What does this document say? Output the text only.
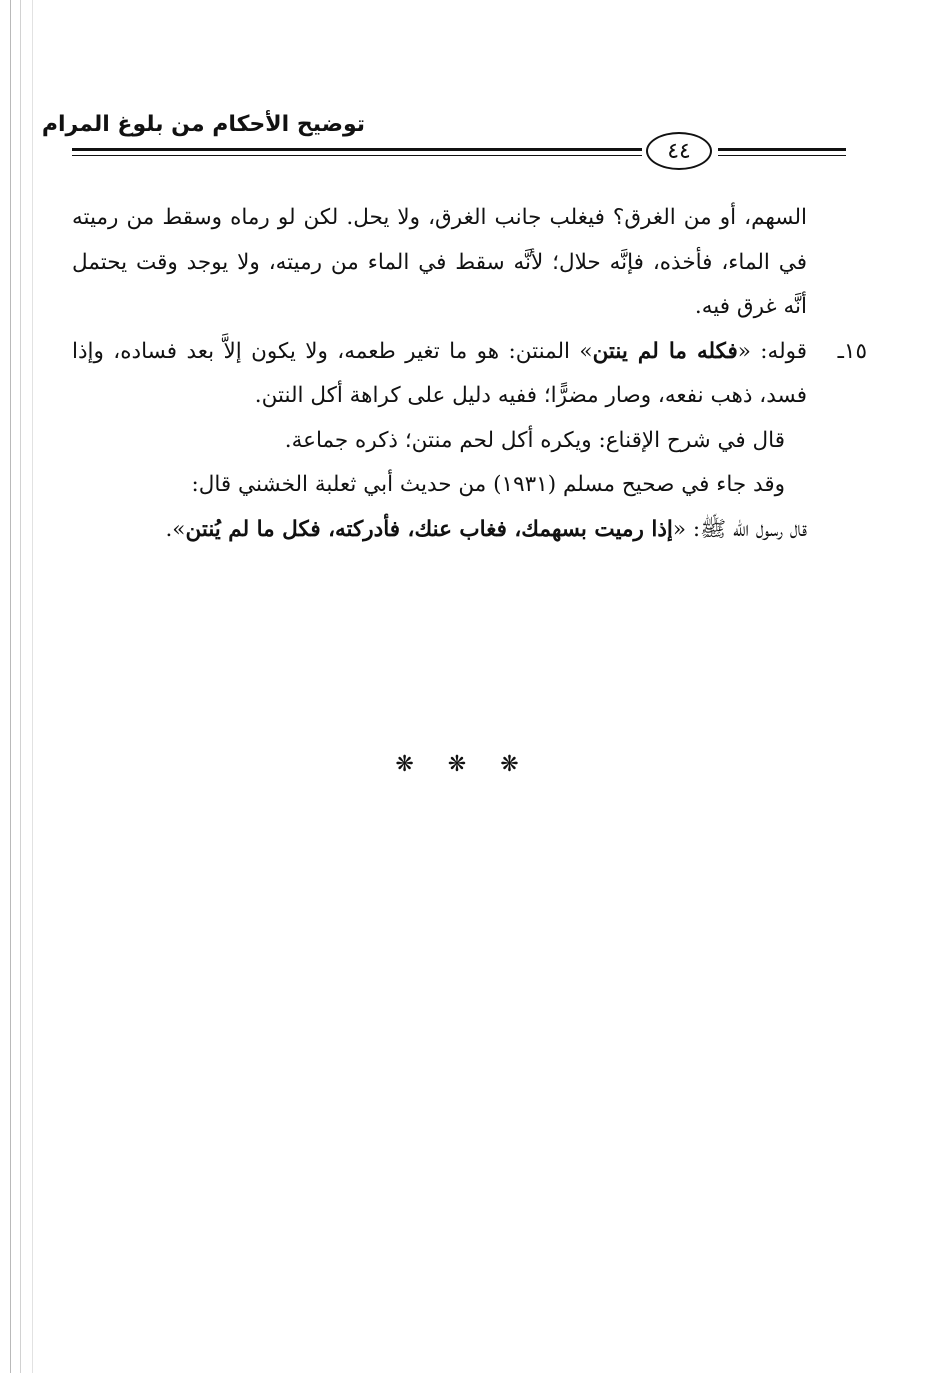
توضيح الأحكام من بلوغ المرام
٤٤

السهم، أو من الغرق؟ فيغلب جانب الغرق، ولا يحل. لكن لو رماه وسقط من رميته في الماء، فأخذه، فإنَّه حلال؛ لأنَّه سقط في الماء من رميته، ولا يوجد وقت يحتمل أنَّه غرق فيه.

١٥ـ
قوله: «فكله ما لم ينتن» المنتن: هو ما تغير طعمه، ولا يكون إلاَّ بعد فساده، وإذا فسد، ذهب نفعه، وصار مضرًّا؛ ففيه دليل على كراهة أكل النتن.

قال في شرح الإقناع: ويكره أكل لحم منتن؛ ذكره جماعة.

وقد جاء في صحيح مسلم (١٩٣١) من حديث أبي ثعلبة الخشني قال:

قال رسول الله ﷺ: «إذا رميت بسهمك، فغاب عنك، فأدركته، فكل ما لم يُنتن».

❋ ❋ ❋
